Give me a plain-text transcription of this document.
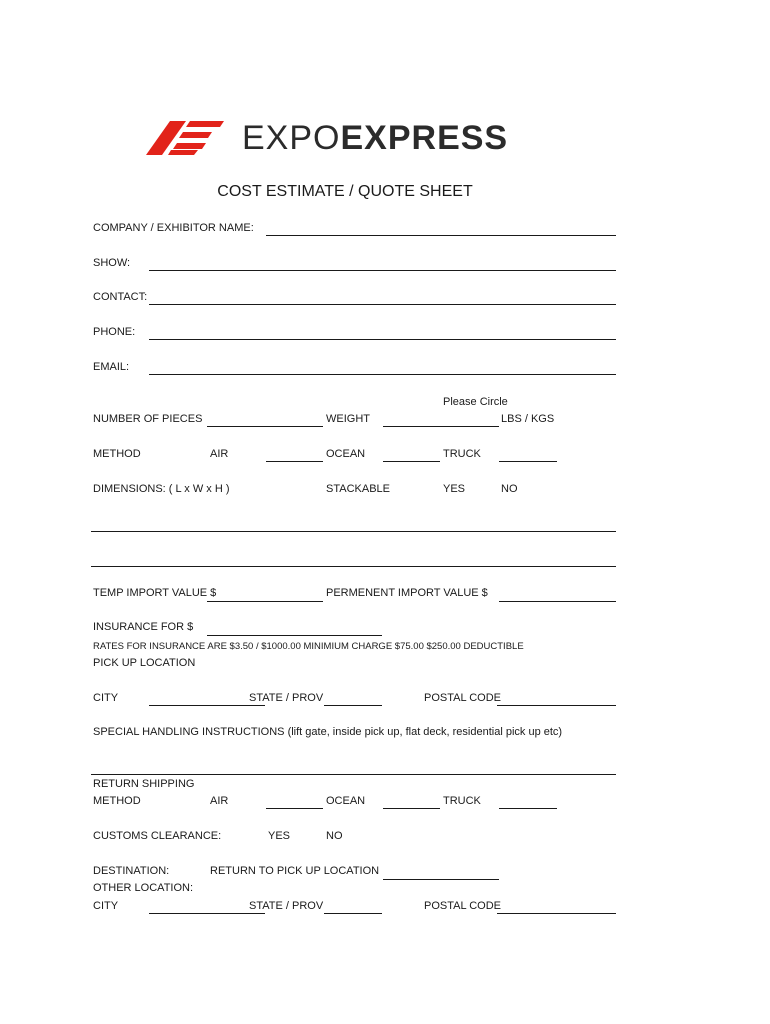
EXPOEXPRESS
COST ESTIMATE / QUOTE SHEET
COMPANY / EXHIBITOR NAME:
SHOW:
CONTACT:
PHONE:
EMAIL:
Please Circle
NUMBER OF PIECES	WEIGHT	LBS / KGS
METHOD	AIR	OCEAN	TRUCK
DIMENSIONS: ( L x W x H )	STACKABLE	YES	NO
TEMP IMPORT VALUE $	PERMENENT IMPORT VALUE $
INSURANCE FOR $
RATES FOR INSURANCE ARE $3.50 / $1000.00 MINIMIUM CHARGE $75.00 $250.00 DEDUCTIBLE
PICK UP LOCATION
CITY	STATE / PROV	POSTAL CODE
SPECIAL HANDLING INSTRUCTIONS (lift gate, inside pick up, flat deck, residential pick up etc)
RETURN SHIPPING
METHOD	AIR	OCEAN	TRUCK
CUSTOMS CLEARANCE:	YES	NO
DESTINATION:	RETURN TO PICK UP LOCATION
OTHER LOCATION:
CITY	STATE / PROV	POSTAL CODE
